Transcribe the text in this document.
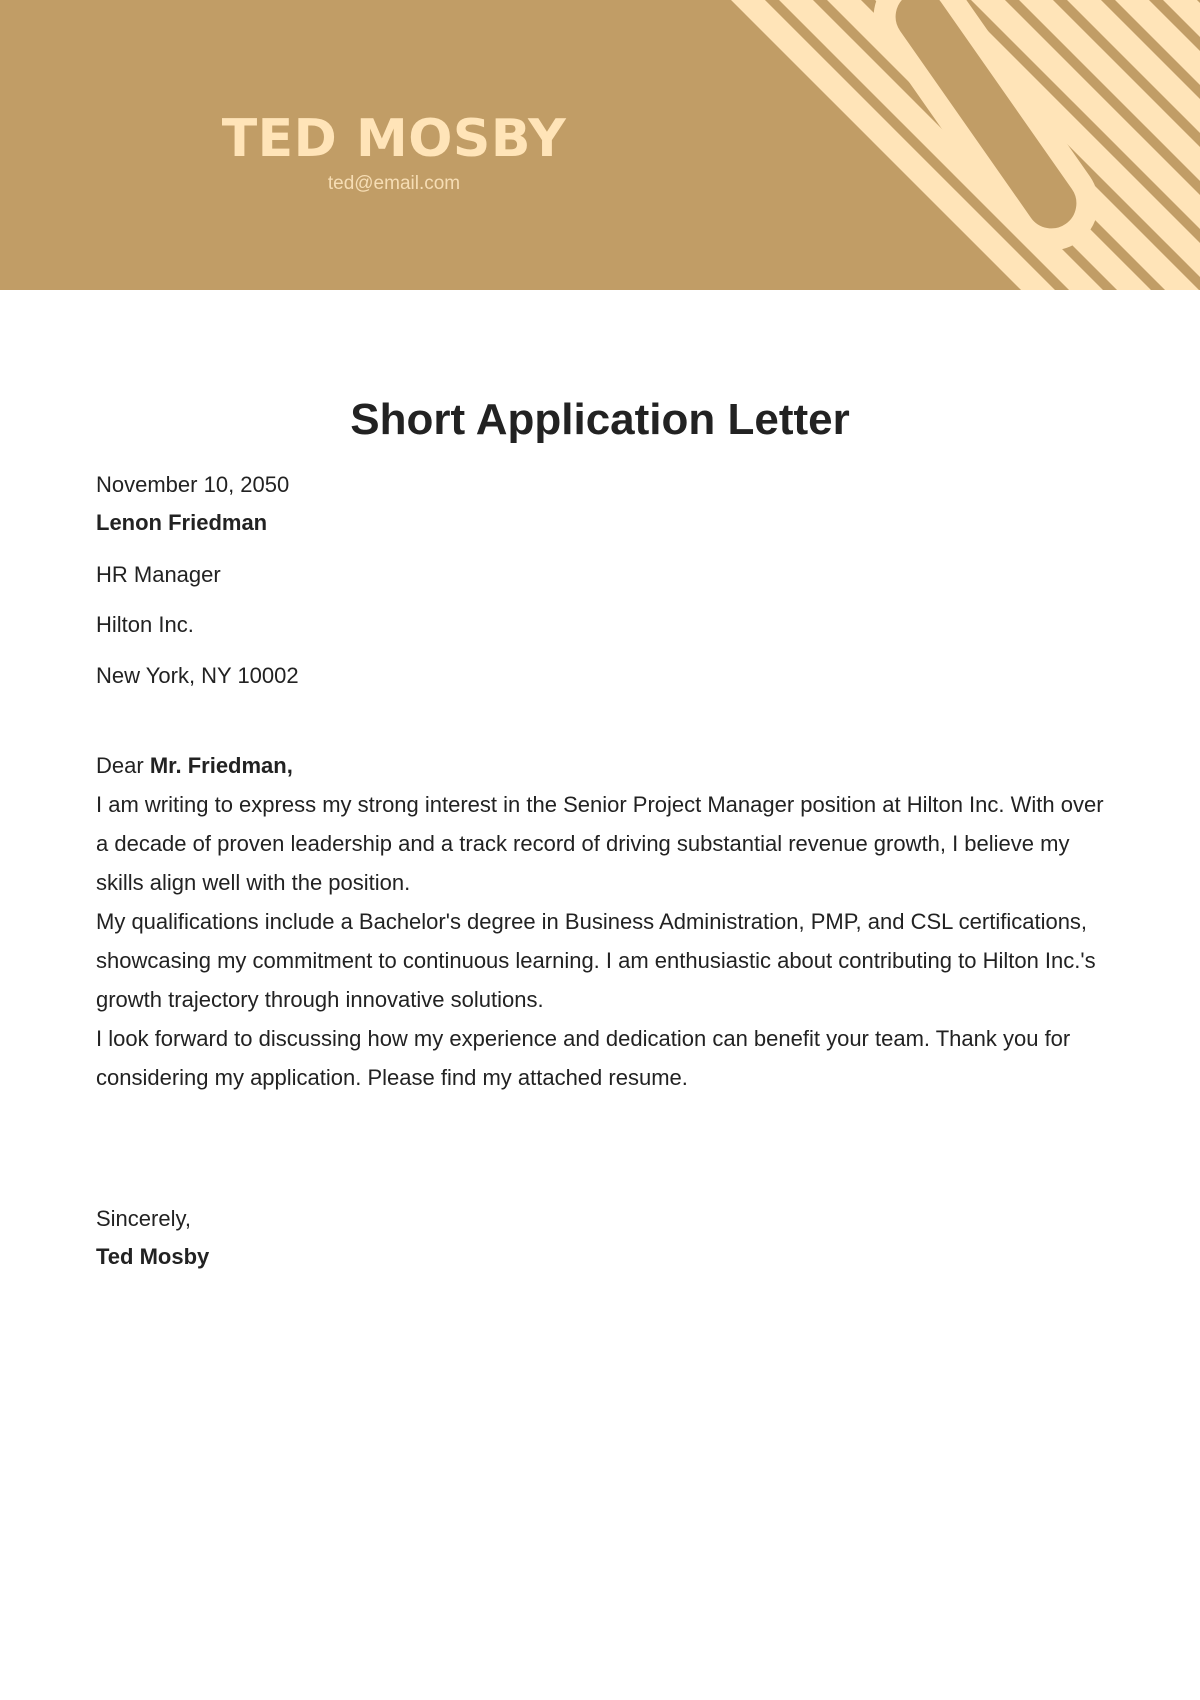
TED MOSBY
ted@email.com
Short Application Letter
November 10, 2050
Lenon Friedman
HR Manager
Hilton Inc.
New York, NY 10002
Dear Mr. Friedman,

I am writing to express my strong interest in the Senior Project Manager position at Hilton Inc. With over a decade of proven leadership and a track record of driving substantial revenue growth, I believe my skills align well with the position.

My qualifications include a Bachelor's degree in Business Administration, PMP, and CSL certifications, showcasing my commitment to continuous learning. I am enthusiastic about contributing to Hilton Inc.'s growth trajectory through innovative solutions.

I look forward to discussing how my experience and dedication can benefit your team. Thank you for considering my application. Please find my attached resume.

Sincerely,
Ted Mosby
